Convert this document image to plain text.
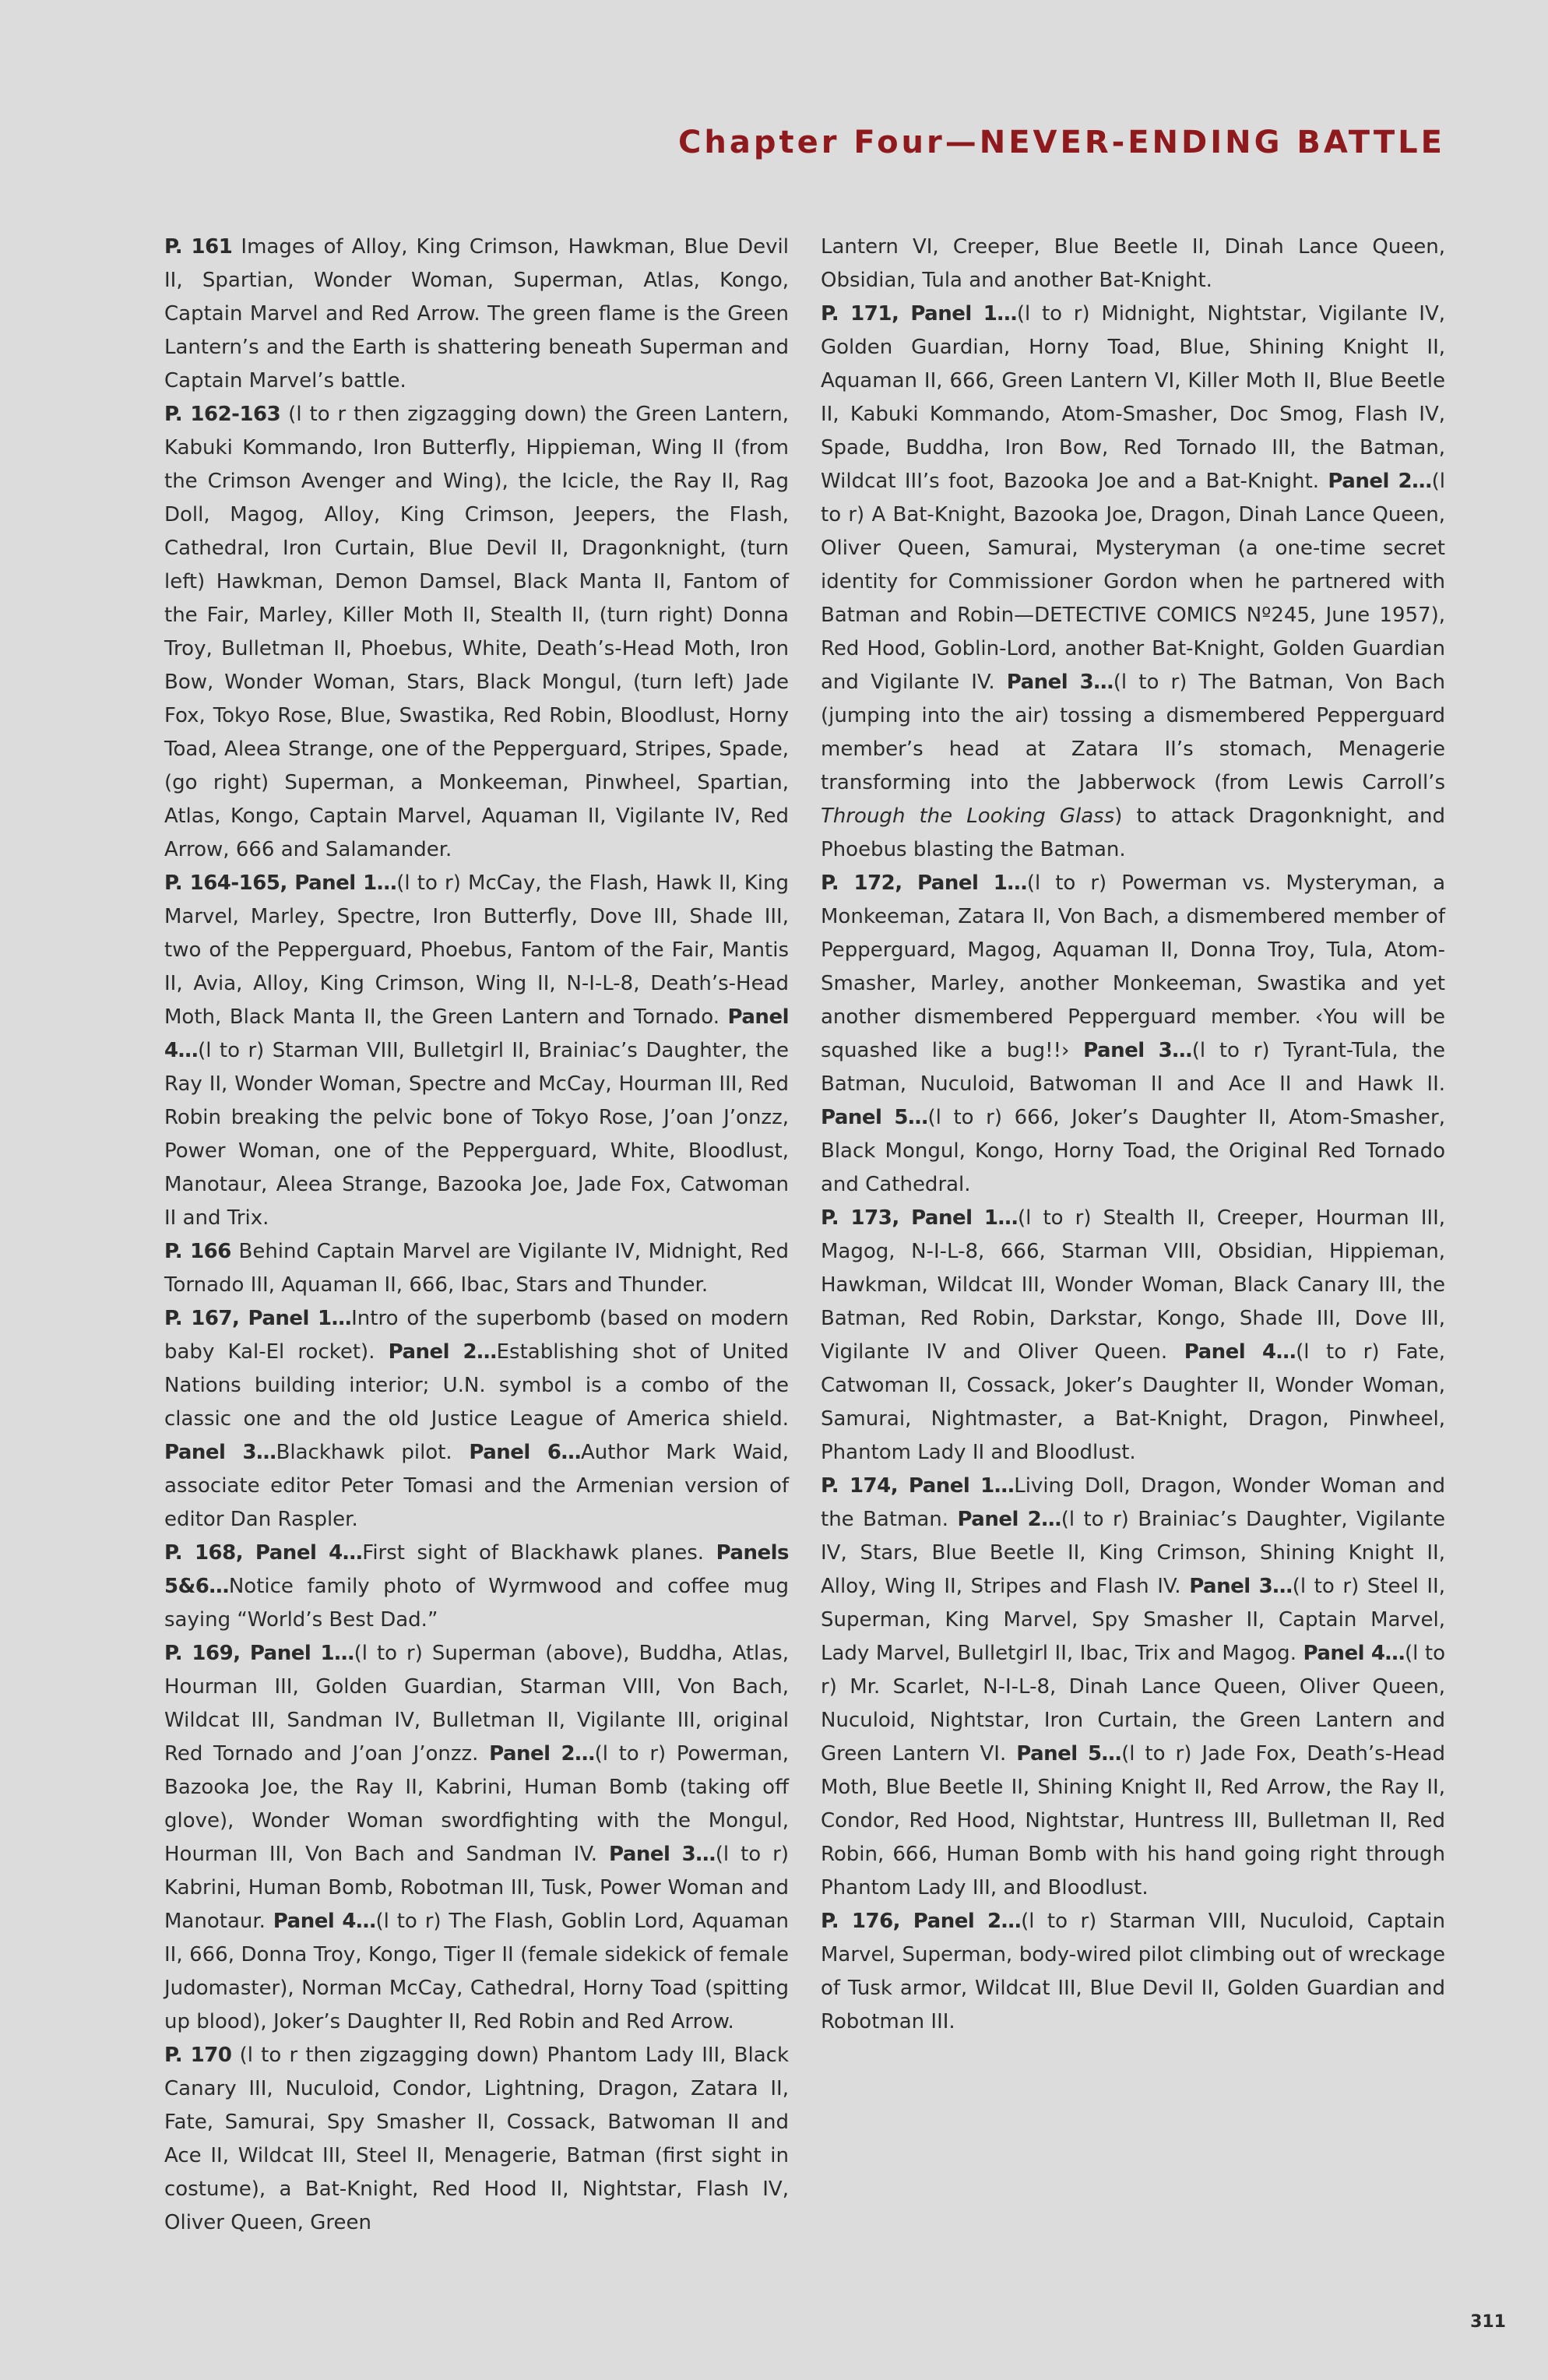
Chapter Four—NEVER-ENDING BATTLE

P. 161 Images of Alloy, King Crimson, Hawkman, Blue Devil II, Spartian, Wonder Woman, Superman, Atlas, Kongo, Captain Marvel and Red Arrow. The green flame is the Green Lantern’s and the Earth is shattering beneath Superman and Captain Marvel’s battle.

P. 162-163 (l to r then zigzagging down) the Green Lantern, Kabuki Kommando, Iron Butterfly, Hippieman, Wing II (from the Crimson Avenger and Wing), the Icicle, the Ray II, Rag Doll, Magog, Alloy, King Crimson, Jeepers, the Flash, Cathedral, Iron Curtain, Blue Devil II, Dragonknight, (turn left) Hawkman, Demon Damsel, Black Manta II, Fantom of the Fair, Marley, Killer Moth II, Stealth II, (turn right) Donna Troy, Bulletman II, Phoebus, White, Death’s-Head Moth, Iron Bow, Wonder Woman, Stars, Black Mongul, (turn left) Jade Fox, Tokyo Rose, Blue, Swastika, Red Robin, Bloodlust, Horny Toad, Aleea Strange, one of the Pepperguard, Stripes, Spade, (go right) Superman, a Monkeeman, Pinwheel, Spartian, Atlas, Kongo, Captain Marvel, Aquaman II, Vigilante IV, Red Arrow, 666 and Salamander.

P. 164-165, Panel 1…(l to r) McCay, the Flash, Hawk II, King Marvel, Marley, Spectre, Iron Butterfly, Dove III, Shade III, two of the Pepperguard, Phoebus, Fantom of the Fair, Mantis II, Avia, Alloy, King Crimson, Wing II, N-I-L-8, Death’s-Head Moth, Black Manta II, the Green Lantern and Tornado. Panel 4…(l to r) Starman VIII, Bulletgirl II, Brainiac’s Daughter, the Ray II, Wonder Woman, Spectre and McCay, Hourman III, Red Robin breaking the pelvic bone of Tokyo Rose, J’oan J’onzz, Power Woman, one of the Pepperguard, White, Bloodlust, Manotaur, Aleea Strange, Bazooka Joe, Jade Fox, Catwoman II and Trix.

P. 166 Behind Captain Marvel are Vigilante IV, Midnight, Red Tornado III, Aquaman II, 666, Ibac, Stars and Thunder.

P. 167, Panel 1…Intro of the superbomb (based on modern baby Kal-El rocket). Panel 2…Establishing shot of United Nations building interior; U.N. symbol is a combo of the classic one and the old Justice League of America shield. Panel 3…Blackhawk pilot. Panel 6…Author Mark Waid, associate editor Peter Tomasi and the Armenian version of editor Dan Raspler.

P. 168, Panel 4…First sight of Blackhawk planes. Panels 5&6…Notice family photo of Wyrmwood and coffee mug saying “World’s Best Dad.”

P. 169, Panel 1…(l to r) Superman (above), Buddha, Atlas, Hourman III, Golden Guardian, Starman VIII, Von Bach, Wildcat III, Sandman IV, Bulletman II, Vigilante III, original Red Tornado and J’oan J’onzz. Panel 2…(l to r) Powerman, Bazooka Joe, the Ray II, Kabrini, Human Bomb (taking off glove), Wonder Woman swordfighting with the Mongul, Hourman III, Von Bach and Sandman IV. Panel 3…(l to r) Kabrini, Human Bomb, Robotman III, Tusk, Power Woman and Manotaur. Panel 4…(l to r) The Flash, Goblin Lord, Aquaman II, 666, Donna Troy, Kongo, Tiger II (female sidekick of female Judomaster), Norman McCay, Cathedral, Horny Toad (spitting up blood), Joker’s Daughter II, Red Robin and Red Arrow.

P. 170 (l to r then zigzagging down) Phantom Lady III, Black Canary III, Nuculoid, Condor, Lightning, Dragon, Zatara II, Fate, Samurai, Spy Smasher II, Cossack, Batwoman II and Ace II, Wildcat III, Steel II, Menagerie, Batman (first sight in costume), a Bat-Knight, Red Hood II, Nightstar, Flash IV, Oliver Queen, Green

Lantern VI, Creeper, Blue Beetle II, Dinah Lance Queen, Obsidian, Tula and another Bat-Knight.

P. 171, Panel 1…(l to r) Midnight, Nightstar, Vigilante IV, Golden Guardian, Horny Toad, Blue, Shining Knight II, Aquaman II, 666, Green Lantern VI, Killer Moth II, Blue Beetle II, Kabuki Kommando, Atom-Smasher, Doc Smog, Flash IV, Spade, Buddha, Iron Bow, Red Tornado III, the Batman, Wildcat III’s foot, Bazooka Joe and a Bat-Knight. Panel 2…(l to r) A Bat-Knight, Bazooka Joe, Dragon, Dinah Lance Queen, Oliver Queen, Samurai, Mysteryman (a one-time secret identity for Commissioner Gordon when he partnered with Batman and Robin—DETECTIVE COMICS Nº245, June 1957), Red Hood, Goblin-Lord, another Bat-Knight, Golden Guardian and Vigilante IV. Panel 3…(l to r) The Batman, Von Bach (jumping into the air) tossing a dismembered Pepperguard member’s head at Zatara II’s stomach, Menagerie transforming into the Jabberwock (from Lewis Carroll’s Through the Looking Glass) to attack Dragonknight, and Phoebus blasting the Batman.

P. 172, Panel 1…(l to r) Powerman vs. Mysteryman, a Monkeeman, Zatara II, Von Bach, a dismembered member of Pepperguard, Magog, Aquaman II, Donna Troy, Tula, Atom-Smasher, Marley, another Monkeeman, Swastika and yet another dismembered Pepperguard member. ‹You will be squashed like a bug!!› Panel 3…(l to r) Tyrant-Tula, the Batman, Nuculoid, Batwoman II and Ace II and Hawk II. Panel 5…(l to r) 666, Joker’s Daughter II, Atom-Smasher, Black Mongul, Kongo, Horny Toad, the Original Red Tornado and Cathedral.

P. 173, Panel 1…(l to r) Stealth II, Creeper, Hourman III, Magog, N-I-L-8, 666, Starman VIII, Obsidian, Hippieman, Hawkman, Wildcat III, Wonder Woman, Black Canary III, the Batman, Red Robin, Darkstar, Kongo, Shade III, Dove III, Vigilante IV and Oliver Queen. Panel 4…(l to r) Fate, Catwoman II, Cossack, Joker’s Daughter II, Wonder Woman, Samurai, Nightmaster, a Bat-Knight, Dragon, Pinwheel, Phantom Lady II and Bloodlust.

P. 174, Panel 1…Living Doll, Dragon, Wonder Woman and the Batman. Panel 2…(l to r) Brainiac’s Daughter, Vigilante IV, Stars, Blue Beetle II, King Crimson, Shining Knight II, Alloy, Wing II, Stripes and Flash IV. Panel 3…(l to r) Steel II, Superman, King Marvel, Spy Smasher II, Captain Marvel, Lady Marvel, Bulletgirl II, Ibac, Trix and Magog. Panel 4…(l to r) Mr. Scarlet, N-I-L-8, Dinah Lance Queen, Oliver Queen, Nuculoid, Nightstar, Iron Curtain, the Green Lantern and Green Lantern VI. Panel 5…(l to r) Jade Fox, Death’s-Head Moth, Blue Beetle II, Shining Knight II, Red Arrow, the Ray II, Condor, Red Hood, Nightstar, Huntress III, Bulletman II, Red Robin, 666, Human Bomb with his hand going right through Phantom Lady III, and Bloodlust.

P. 176, Panel 2…(l to r) Starman VIII, Nuculoid, Captain Marvel, Superman, body-wired pilot climbing out of wreckage of Tusk armor, Wildcat III, Blue Devil II, Golden Guardian and Robotman III.

311
